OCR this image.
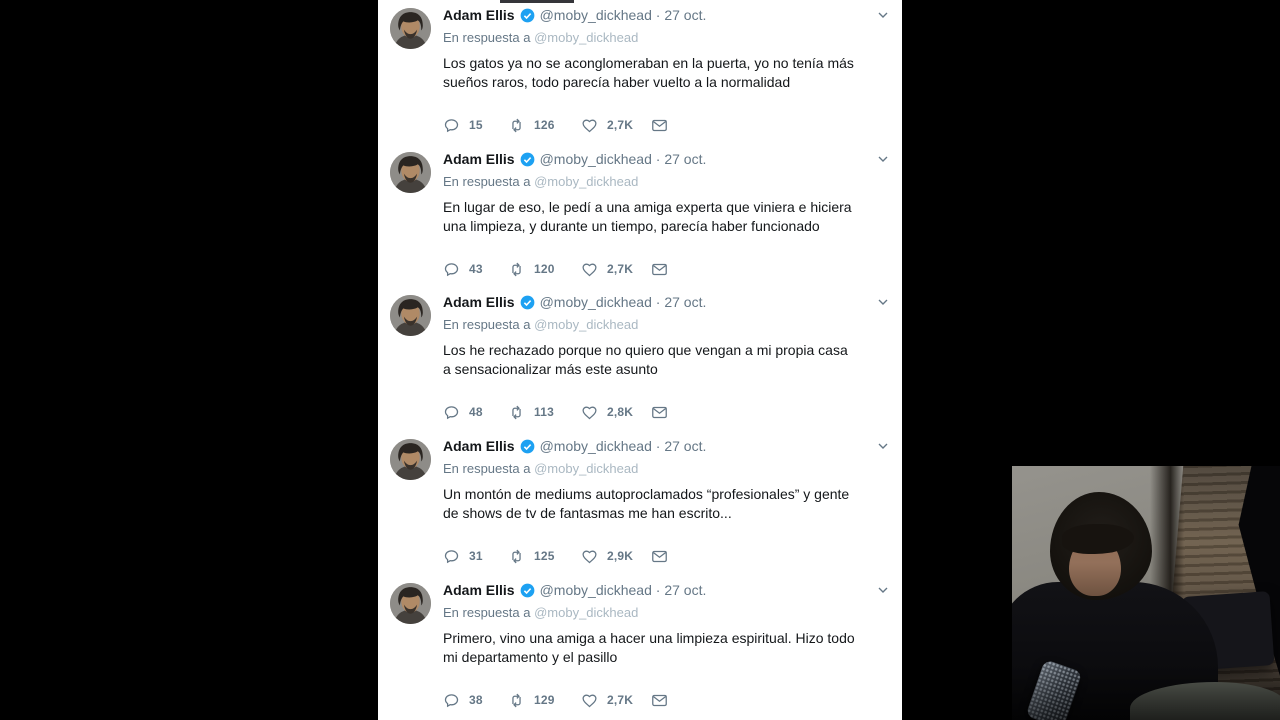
Adam Ellis @moby_dickhead · 27 oct.
En respuesta a @moby_dickhead
Los gatos ya no se aconglomeraban en la puerta, yo no tenía más
sueños raros, todo parecía haber vuelto a la normalidad
15	126	2,7K
Adam Ellis @moby_dickhead · 27 oct.
En respuesta a @moby_dickhead
En lugar de eso, le pedí a una amiga experta que viniera e hiciera
una limpieza, y durante un tiempo, parecía haber funcionado
43	120	2,7K
Adam Ellis @moby_dickhead · 27 oct.
En respuesta a @moby_dickhead
Los he rechazado porque no quiero que vengan a mi propia casa
a sensacionalizar más este asunto
48	113	2,8K
Adam Ellis @moby_dickhead · 27 oct.
En respuesta a @moby_dickhead
Un montón de mediums autoproclamados “profesionales” y gente
de shows de tv de fantasmas me han escrito...
31	125	2,9K
Adam Ellis @moby_dickhead · 27 oct.
En respuesta a @moby_dickhead
Primero, vino una amiga a hacer una limpieza espiritual. Hizo todo
mi departamento y el pasillo
38	129	2,7K
